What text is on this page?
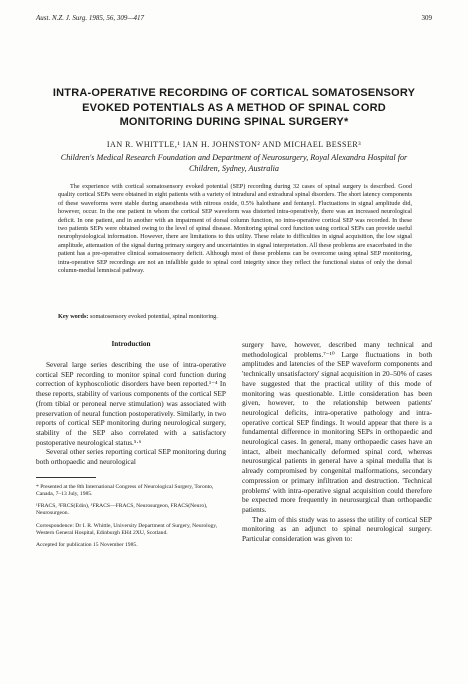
Aust. N.Z. J. Surg. 1985, 56, 309—417	309
INTRA-OPERATIVE RECORDING OF CORTICAL SOMATOSENSORY
EVOKED POTENTIALS AS A METHOD OF SPINAL CORD
MONITORING DURING SPINAL SURGERY*
IAN R. WHITTLE,¹ IAN H. JOHNSTON² AND MICHAEL BESSER³
Children's Medical Research Foundation and Department of Neurosurgery, Royal Alexandra Hospital for
Children, Sydney, Australia
The experience with cortical somatosensory evoked potential (SEP) recording during 32 cases of spinal surgery is described. Good quality cortical SEPs were obtained in eight patients with a variety of intradural and extradural spinal disorders. The short latency components of these waveforms were stable during anaesthesia with nitrous oxide, 0.5% halothane and fentanyl. Fluctuations in signal amplitude did, however, occur. In the one patient in whom the cortical SEP waveform was distorted intra-operatively, there was an increased neurological deficit. In one patient, and in another with an impairment of dorsal column function, no intra-operative cortical SEP was recorded. In these two patients SEPs were obtained owing to the level of spinal disease. Monitoring spinal cord function using cortical SEPs can provide useful neurophysiological information. However, there are limitations to this utility. These relate to difficulties in signal acquisition, the low signal amplitude, attenuation of the signal during primary surgery and uncertainties in signal interpretation. All these problems are exacerbated in the patient has a pre-operative clinical somatosensory deficit. Although most of these problems can be overcome using spinal SEP monitoring, intra-operative SEP recordings are not an infallible guide to spinal cord integrity since they reflect the functional status of only the dorsal column-medial lemniscal pathway.
Key words: somatosensory evoked potential, spinal monitoring.
Introduction

Several large series describing the use of intra-operative cortical SEP recording to monitor spinal cord function during correction of kyphoscoliotic disorders have been reported.¹⁻⁴ In these reports, stability of various components of the cortical SEP (from tibial or peroneal nerve stimulation) was associated with preservation of neural function postoperatively. Similarly, in two reports of cortical SEP monitoring during neurological surgery, stability of the SEP also correlated with a satisfactory postoperative neurological status.⁵·⁶

Several other series reporting cortical SEP monitoring during both orthopaedic and neurological

* Presented at the 8th International Congress of Neurological Surgery, Toronto, Canada, 7–13 July, 1985.

¹FRACS, ²FRCS(Edin), ³FRACS—FRACS, Neurosurgeon, FRACS(Neuro), Neurosurgeon.

Correspondence: Dr I. R. Whittle, University Department of Surgery, Neurology, Western General Hospital, Edinburgh EH4 2XU, Scotland.

Accepted for publication 15 November 1985.

surgery have, however, described many technical and methodological problems.⁷⁻¹⁰ Large fluctuations in both amplitudes and latencies of the SEP waveform components and 'technically unsatisfactory' signal acquisition in 20–50% of cases have suggested that the practical utility of this mode of monitoring was questionable. Little consideration has been given, however, to the relationship between patients' neurological deficits, intra-operative pathology and intra-operative cortical SEP findings. It would appear that there is a fundamental difference in monitoring SEPs in orthopaedic and neurological cases. In general, many orthopaedic cases have an intact, albeit mechanically deformed spinal cord, whereas neurosurgical patients in general have a spinal medulla that is already compromised by congenital malformations, secondary compression or primary infiltration and destruction. 'Technical problems' with intra-operative signal acquisition could therefore be expected more frequently in neurosurgical than orthopaedic patients.

The aim of this study was to assess the utility of cortical SEP monitoring as an adjunct to spinal neurological surgery. Particular consideration was given to:
